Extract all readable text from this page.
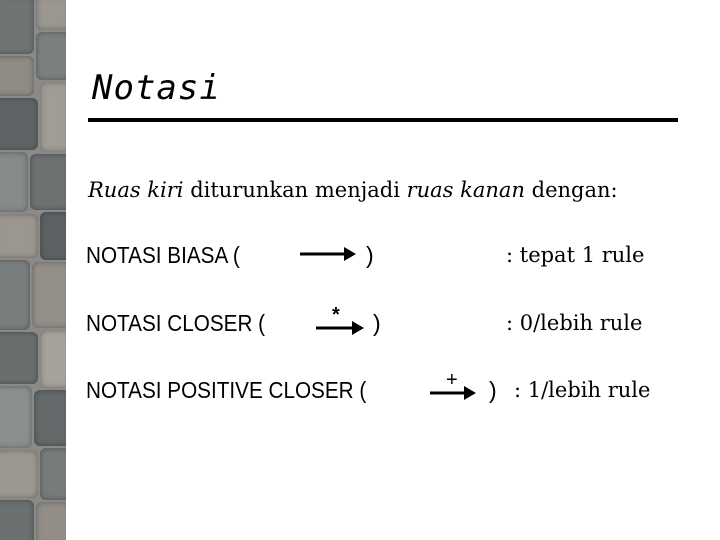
Notasi
Ruas kiri diturunkan menjadi ruas kanan dengan:
NOTASI BIASA (	)	: tepat 1 rule
NOTASI CLOSER (	* )	: 0/lebih rule
NOTASI POSITIVE CLOSER (	+ ) : 1/lebih rule
